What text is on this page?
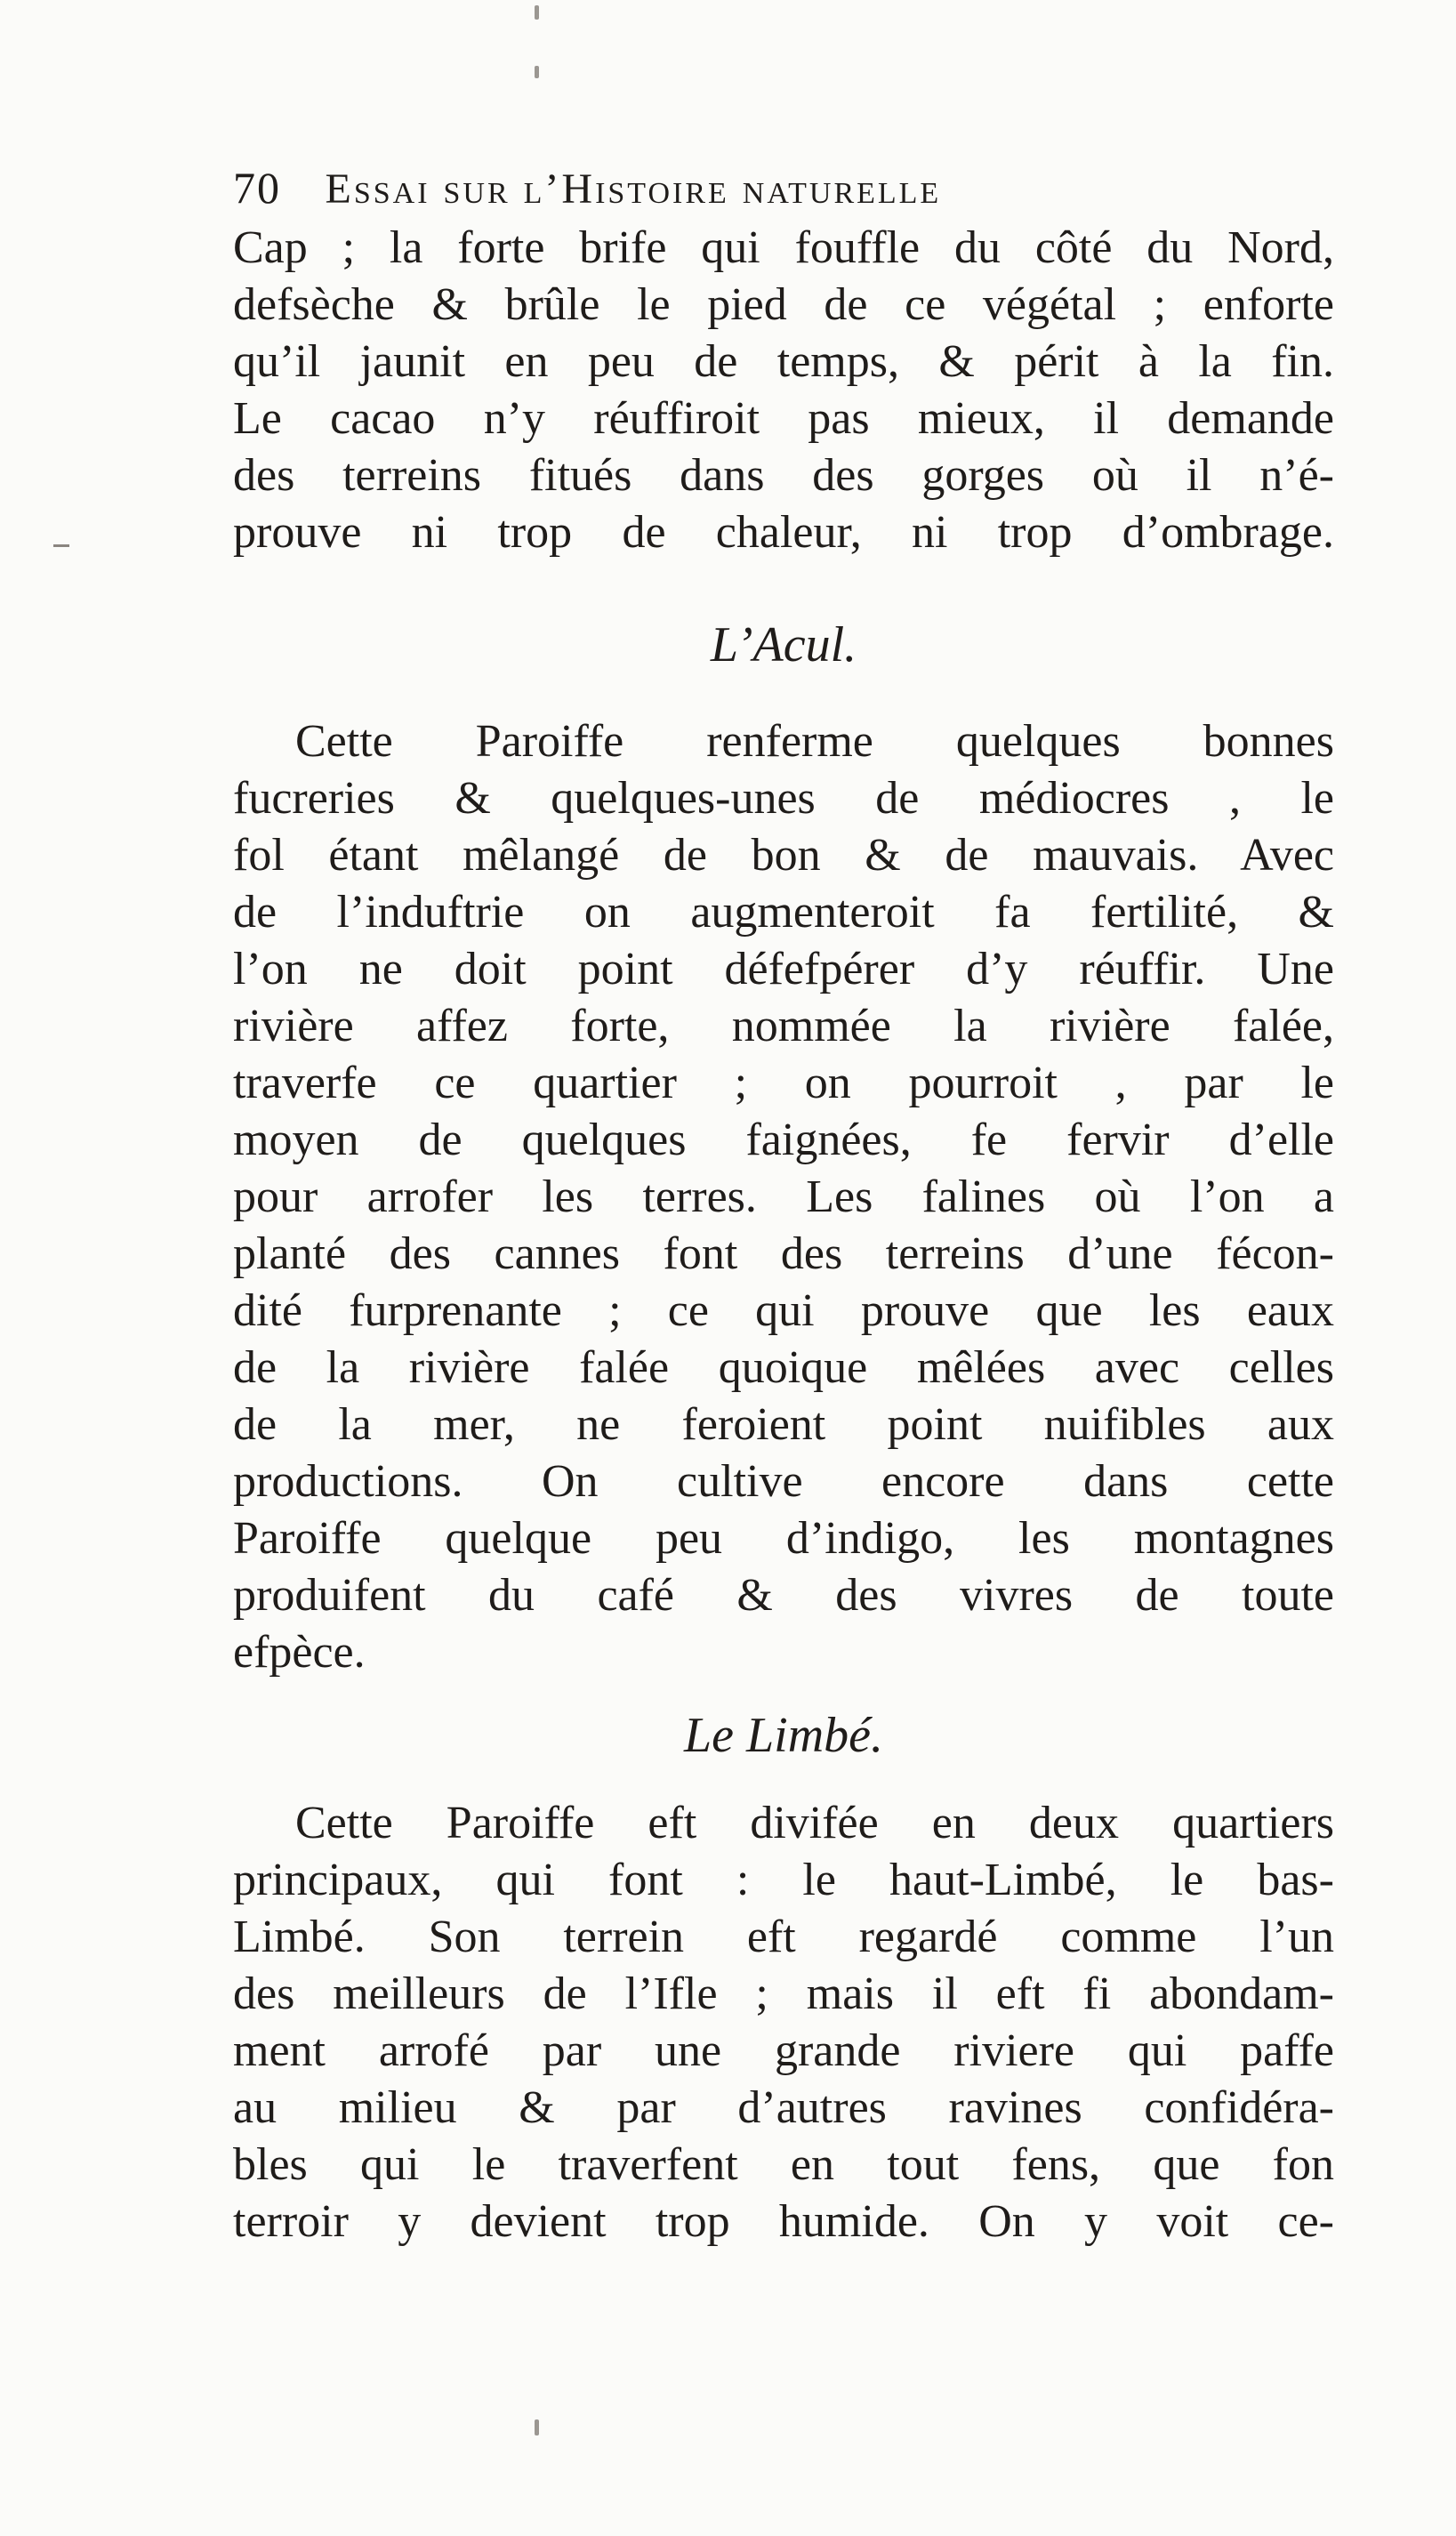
70 Essai sur l’Histoire naturelle
Cap ; la forte brife qui fouffle du côté du Nord,
defsèche & brûle le pied de ce végétal ; enforte
qu’il jaunit en peu de temps, & périt à la fin.
Le cacao n’y réuffiroit pas mieux, il demande
des terreins fitués dans des gorges où il n’é-
prouve ni trop de chaleur, ni trop d’ombrage.
L’Acul.
Cette Paroiffe renferme quelques bonnes
fucreries & quelques-unes de médiocres , le
fol étant mêlangé de bon & de mauvais. Avec
de l’induftrie on augmenteroit fa fertilité, &
l’on ne doit point défefpérer d’y réuffir. Une
rivière affez forte, nommée la rivière falée,
traverfe ce quartier ; on pourroit , par le
moyen de quelques faignées, fe fervir d’elle
pour arrofer les terres. Les falines où l’on a
planté des cannes font des terreins d’une fécon-
dité furprenante ; ce qui prouve que les eaux
de la rivière falée quoique mêlées avec celles
de la mer, ne feroient point nuifibles aux
productions. On cultive encore dans cette
Paroiffe quelque peu d’indigo, les montagnes
produifent du café & des vivres de toute
efpèce.
Le Limbé.
Cette Paroiffe eft divifée en deux quartiers
principaux, qui font : le haut-Limbé, le bas-
Limbé. Son terrein eft regardé comme l’un
des meilleurs de l’Ifle ; mais il eft fi abondam-
ment arrofé par une grande riviere qui paffe
au milieu & par d’autres ravines confidéra-
bles qui le traverfent en tout fens, que fon
terroir y devient trop humide. On y voit ce-
